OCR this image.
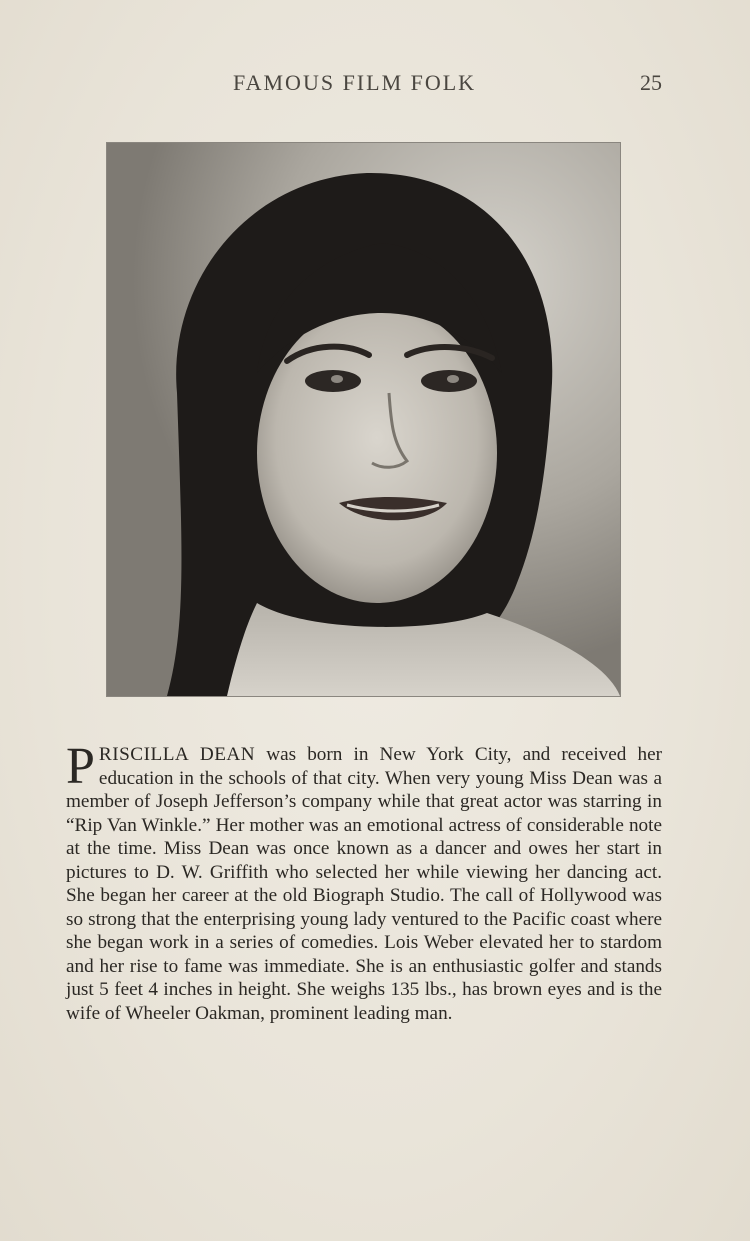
FAMOUS FILM FOLK	25
PRISCILLA DEAN was born in New York City, and received her education in the schools of that city. When very young Miss Dean was a member of Joseph Jefferson’s company while that great actor was starring in “Rip Van Winkle.” Her mother was an emotional actress of considerable note at the time. Miss Dean was once known as a dancer and owes her start in pictures to D. W. Griffith who selected her while viewing her dancing act. She began her career at the old Biograph Studio. The call of Hollywood was so strong that the enterprising young lady ventured to the Pacific coast where she began work in a series of comedies. Lois Weber elevated her to stardom and her rise to fame was immediate. She is an enthusiastic golfer and stands just 5 feet 4 inches in height. She weighs 135 lbs., has brown eyes and is the wife of Wheeler Oakman, prominent leading man.
